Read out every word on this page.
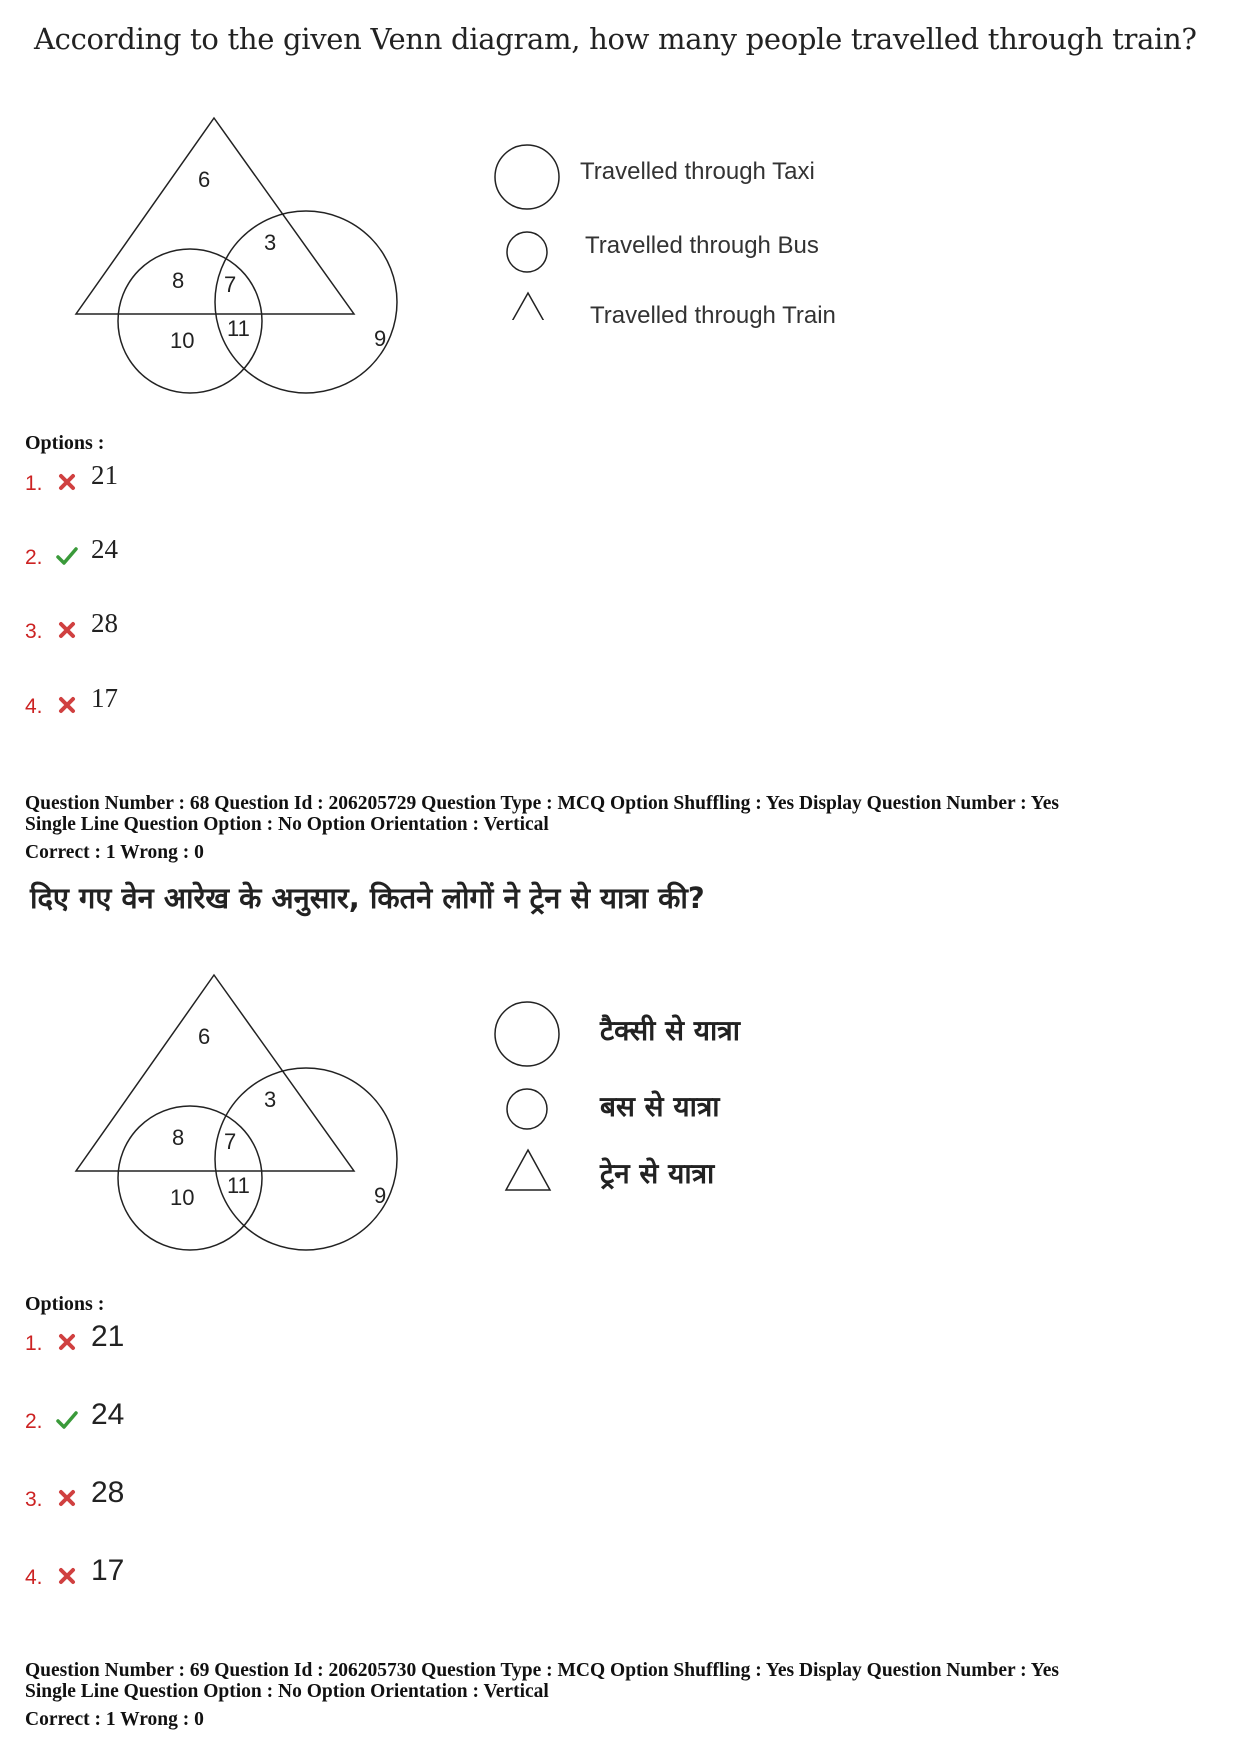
According to the given Venn diagram, how many people travelled through train?
6
3
8 7
10 11	9
Travelled through Taxi
Travelled through Bus
Travelled through Train
Options :
1. 21
2. 24
3. 28
4. 17
Question Number : 68 Question Id : 206205729 Question Type : MCQ Option Shuffling : Yes Display Question Number : Yes
Single Line Question Option : No Option Orientation : Vertical
Correct : 1 Wrong : 0
दिए गए वेन आरेख के अनुसार, कितने लोगों ने ट्रेन से यात्रा की?
6
3
8 7
10 11	9
टैक्सी से यात्रा
बस से यात्रा
ट्रेन से यात्रा
Options :
1. 21
2. 24
3. 28
4. 17
Question Number : 69 Question Id : 206205730 Question Type : MCQ Option Shuffling : Yes Display Question Number : Yes
Single Line Question Option : No Option Orientation : Vertical
Correct : 1 Wrong : 0
